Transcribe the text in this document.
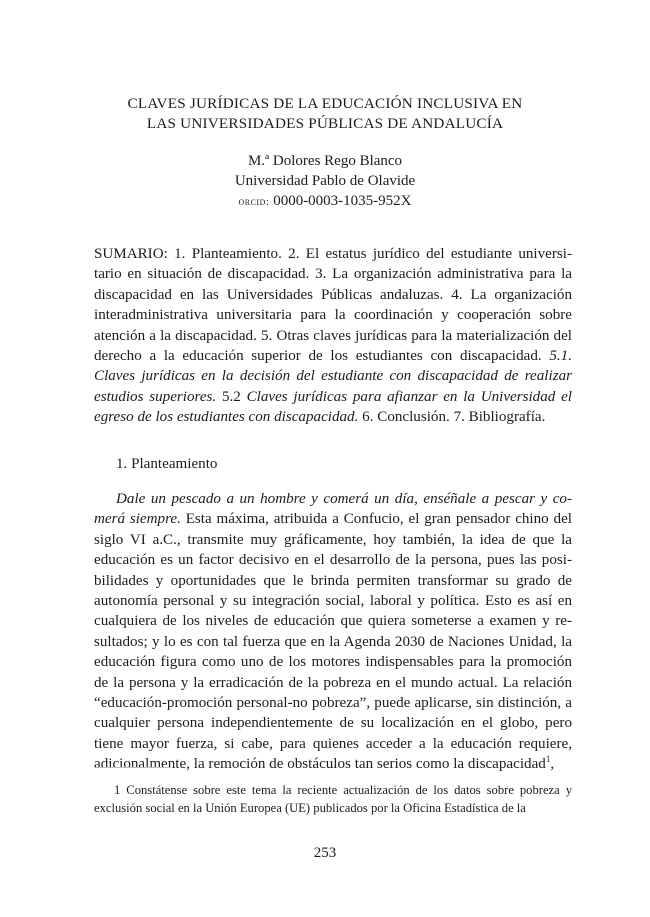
CLAVES JURÍDICAS DE LA EDUCACIÓN INCLUSIVA EN
LAS UNIVERSIDADES PÚBLICAS DE ANDALUCÍA
M.ª Dolores Rego Blanco
Universidad Pablo de Olavide
orcid: 0000-0003-1035-952X
SUMARIO: 1. Planteamiento. 2. El estatus jurídico del estudiante universi-tario en situación de discapacidad. 3. La organización administrativa para la discapacidad en las Universidades Públicas andaluzas. 4. La organización interadministrativa universitaria para la coordinación y cooperación sobre atención a la discapacidad. 5. Otras claves jurídicas para la materialización del derecho a la educación superior de los estudiantes con discapacidad. 5.1. Claves jurídicas en la decisión del estudiante con discapacidad de realizar estudios superiores. 5.2 Claves jurídicas para afianzar en la Universidad el egreso de los estudiantes con discapacidad. 6. Conclusión. 7. Bibliografía.
1. Planteamiento
Dale un pescado a un hombre y comerá un día, enséñale a pescar y co-merá siempre. Esta máxima, atribuida a Confucio, el gran pensador chino del siglo VI a.C., transmite muy gráficamente, hoy también, la idea de que la educación es un factor decisivo en el desarrollo de la persona, pues las posi-bilidades y oportunidades que le brinda permiten transformar su grado de autonomía personal y su integración social, laboral y política. Esto es así en cualquiera de los niveles de educación que quiera someterse a examen y re-sultados; y lo es con tal fuerza que en la Agenda 2030 de Naciones Unidad, la educación figura como uno de los motores indispensables para la promoción de la persona y la erradicación de la pobreza en el mundo actual. La relación “educación-promoción personal-no pobreza”, puede aplicarse, sin distinción, a cualquier persona independientemente de su localización en el globo, pero tiene mayor fuerza, si cabe, para quienes acceder a la educación requiere, adicionalmente, la remoción de obstáculos tan serios como la discapacidad$^1$,
1 Constátense sobre este tema la reciente actualización de los datos sobre pobreza y exclusión social en la Unión Europea (UE) publicados por la Oficina Estadística de la
253
